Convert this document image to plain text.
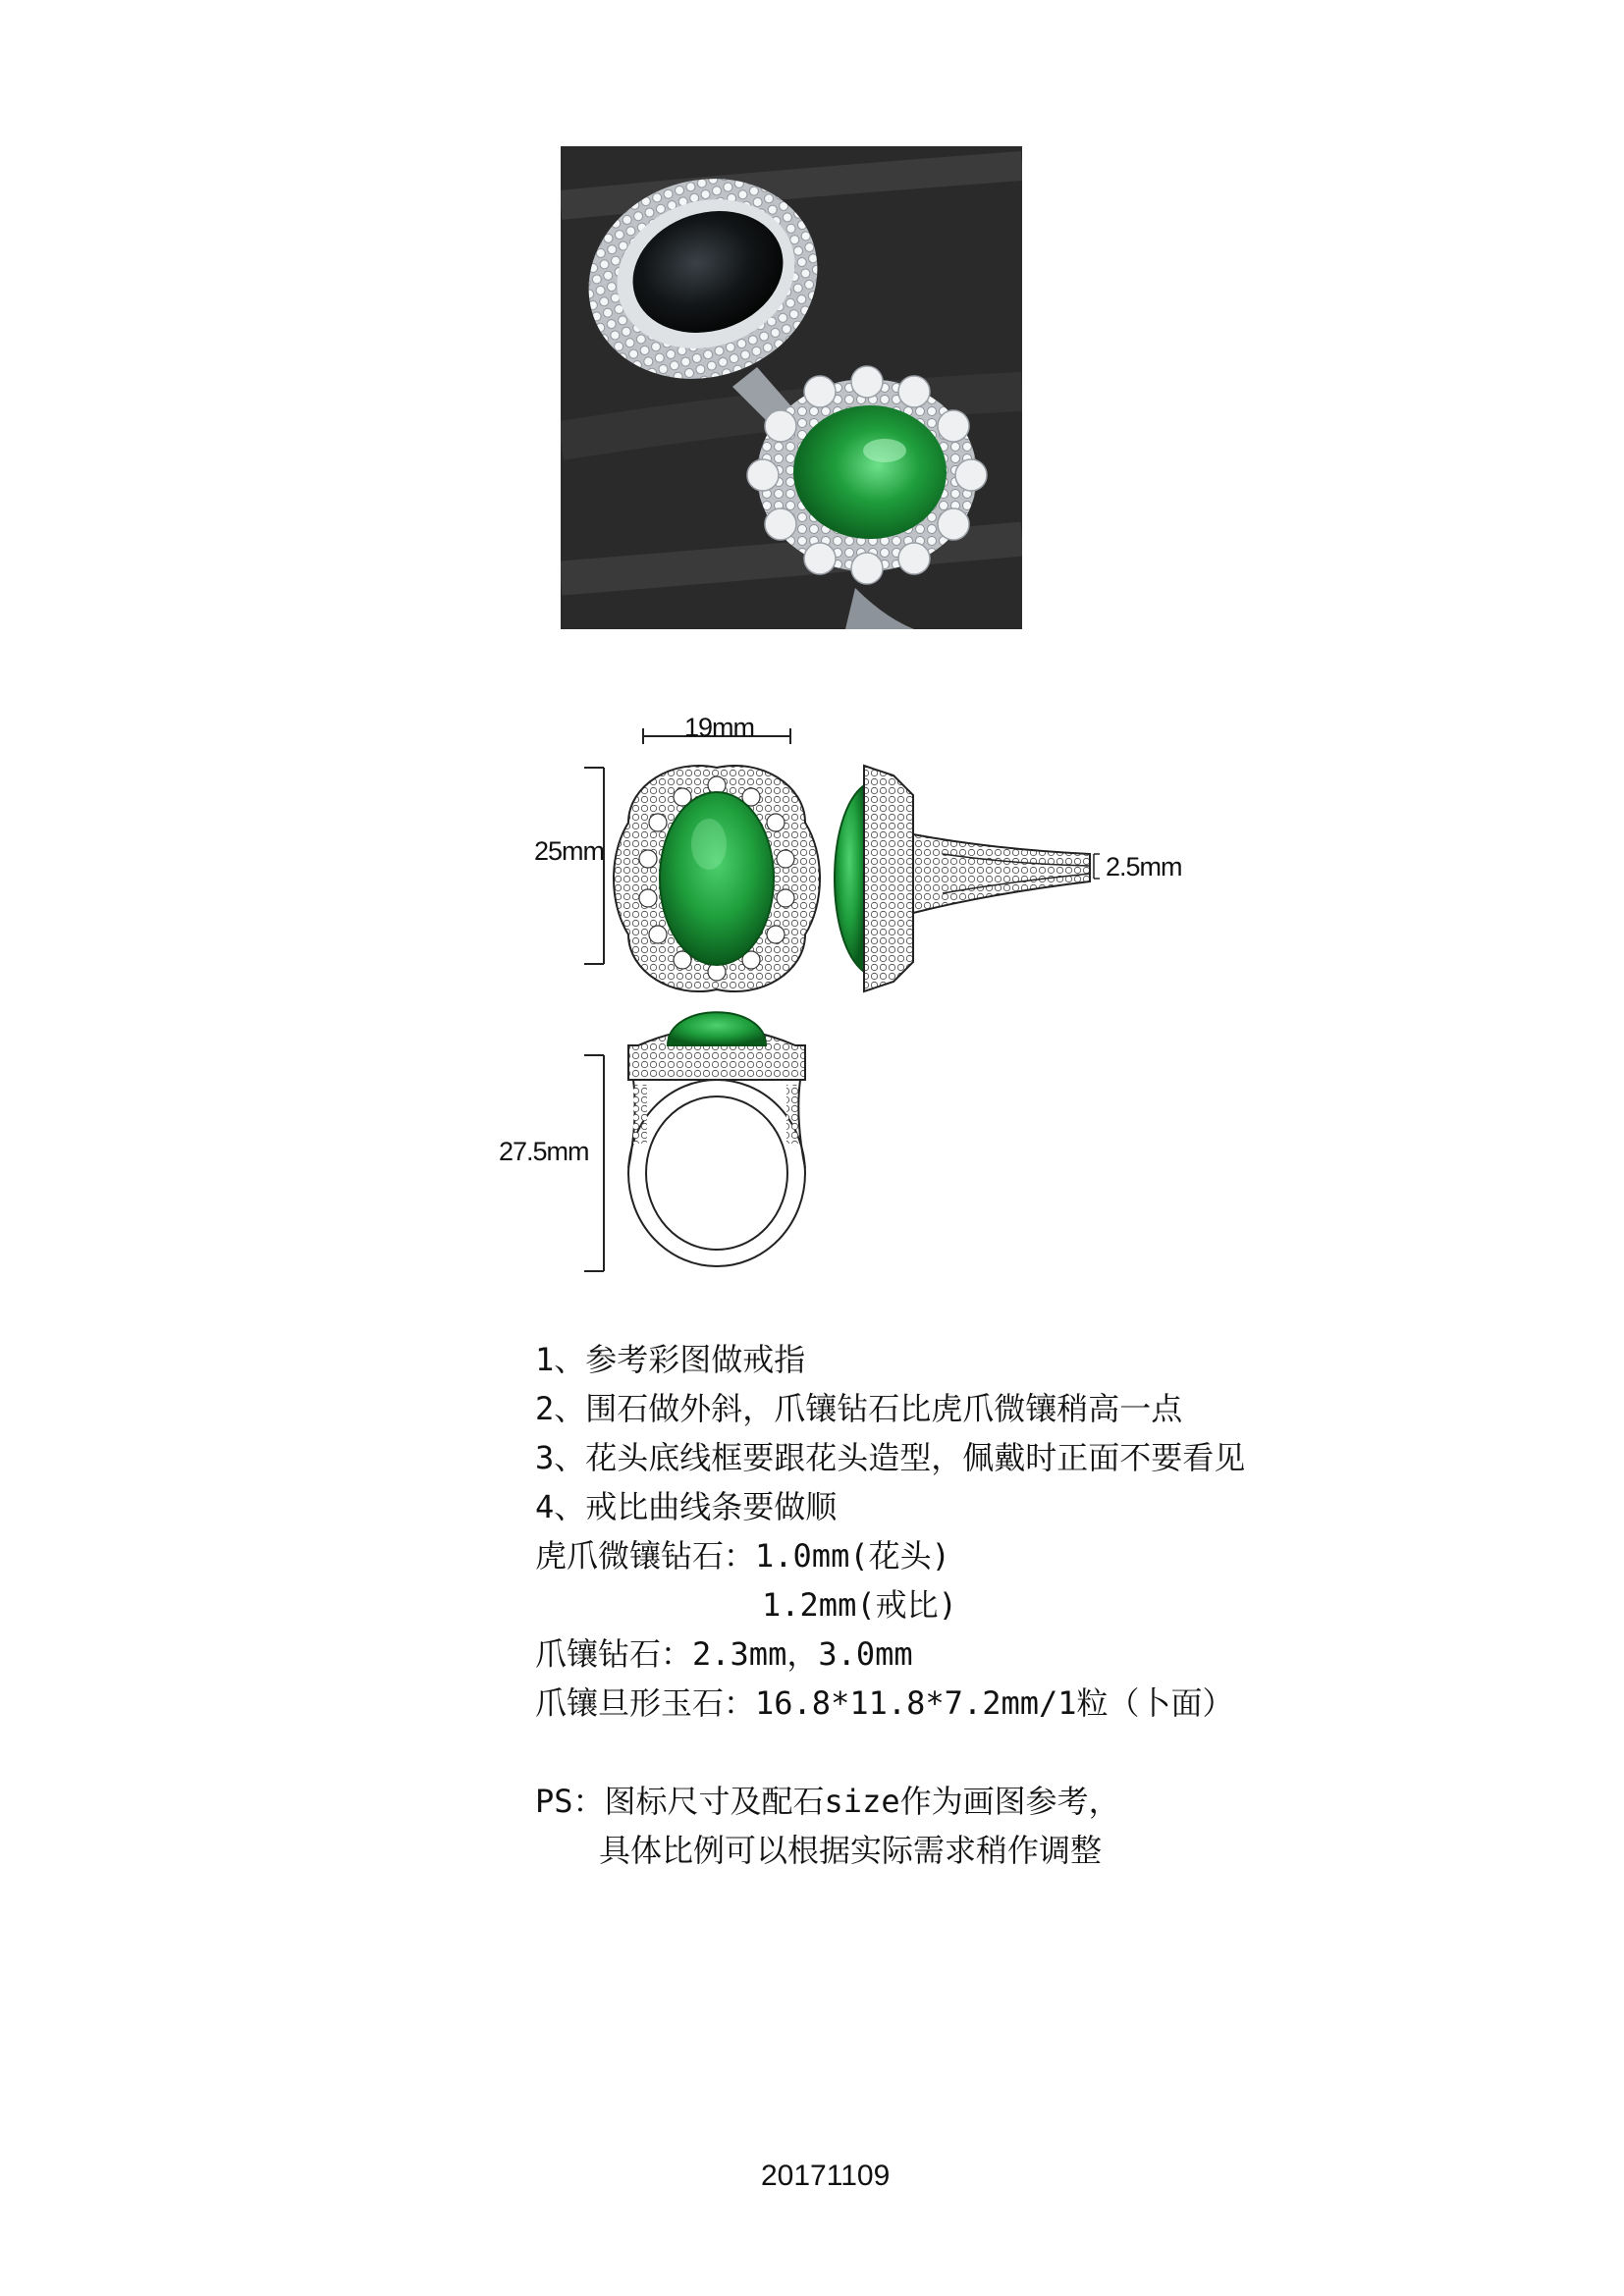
19mm
25mm
2.5mm
27.5mm
1、参考彩图做戒指
2、围石做外斜，爪镶钻石比虎爪微镶稍高一点
3、花头底线框要跟花头造型，佩戴时正面不要看见
4、戒比曲线条要做顺
虎爪微镶钻石：1.0mm(花头)
1.2mm(戒比)
爪镶钻石：2.3mm，3.0mm
爪镶旦形玉石：16.8*11.8*7.2mm/1粒（卜面）
PS：图标尺寸及配石size作为画图参考，
具体比例可以根据实际需求稍作调整
20171109
